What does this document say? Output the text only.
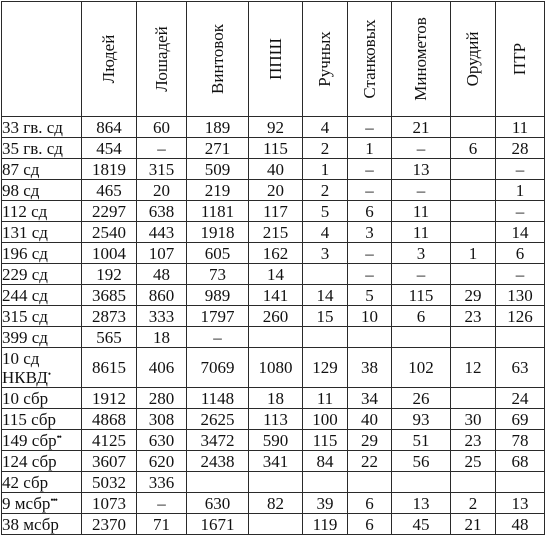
	Людей	Лошадей	Винтовок	ППШ	Ручных	Станковых	Минометов	Орудий	ПТР

33 гв. сд	864	60	189	92	4	–	21		11

35 гв. сд	454	–	271	115	2	1	–	6	28

87 сд	1819	315	509	40	1	–	13		–

98 сд	465	20	219	20	2	–	–		1

112 сд	2297	638	1181	117	5	6	11		–

131 сд	2540	443	1918	215	4	3	11		14

196 сд	1004	107	605	162	3	–	3	1	6

229 сд	192	48	73	14		–	–		–

244 сд	3685	860	989	141	14	5	115	29	130

315 сд	2873	333	1797	260	15	10	6	23	126

399 сд	565	18	–						

10 сд
НКВД•	8615	406	7069	1080	129	38	102	12	63

10 сбр	1912	280	1148	18	11	34	26		24

115 сбр	4868	308	2625	113	100	40	93	30	69

149 сбр••	4125	630	3472	590	115	29	51	23	78

124 сбр	3607	620	2438	341	84	22	56	25	68

42 сбр	5032	336							

9 мсбр•••	1073	–	630	82	39	6	13	2	13

38 мсбр	2370	71	1671		119	6	45	21	48
